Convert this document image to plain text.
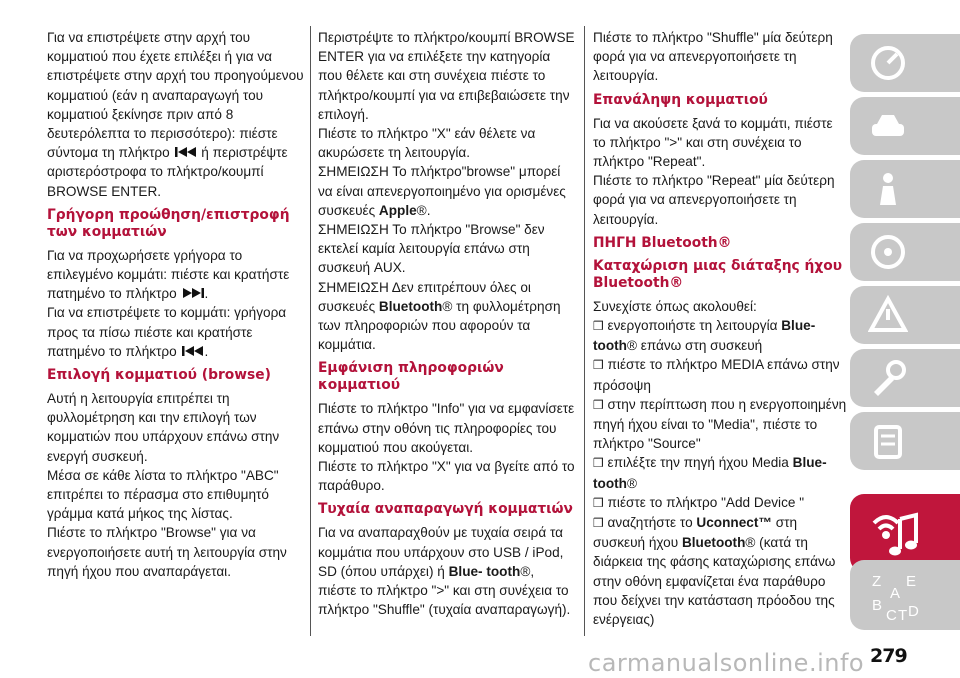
Για να επιστρέψετε στην αρχή του κομματιού που έχετε επιλέξει ή για να επιστρέψετε στην αρχή του προηγούμενου κομματιού (εάν η αναπαραγωγή του κομματιού ξεκίνησε πριν από 8 δευτερόλεπτα το περισσότερο): πιέστε σύντομα τη πλήκτρο ή περιστρέψτε αριστερόστροφα το πλήκτρο/κουμπί BROWSE ENTER.

Γρήγορη προώθηση/επιστροφή των κομματιών

Για να προχωρήσετε γρήγορα το επιλεγμένο κομμάτι: πιέστε και κρατήστε πατημένο το πλήκτρο .

Για να επιστρέψετε το κομμάτι: γρήγορα προς τα πίσω πιέστε και κρατήστε πατημένο το πλήκτρο .

Επιλογή κομματιού (browse)

Αυτή η λειτουργία επιτρέπει τη φυλλομέτρηση και την επιλογή των κομματιών που υπάρχουν επάνω στην ενεργή συσκευή.

Μέσα σε κάθε λίστα το πλήκτρο "ABC" επιτρέπει το πέρασμα στο επιθυμητό γράμμα κατά μήκος της λίστας.

Πιέστε το πλήκτρο "Browse" για να ενεργοποιήσετε αυτή τη λειτουργία στην πηγή ήχου που αναπαράγεται.

Περιστρέψτε το πλήκτρο/κουμπί BROWSE ENTER για να επιλέξετε την κατηγορία που θέλετε και στη συνέχεια πιέστε το πλήκτρο/κουμπί για να επιβεβαιώσετε την επιλογή.

Πιέστε το πλήκτρο "X" εάν θέλετε να ακυρώσετε τη λειτουργία.

ΣΗΜΕΙΩΣΗ Το πλήκτρο"browse" μπορεί να είναι απενεργοποιημένο για ορισμένες συσκευές Apple®.

ΣΗΜΕΙΩΣΗ Το πλήκτρο "Browse" δεν εκτελεί καμία λειτουργία επάνω στη συσκευή AUX.

ΣΗΜΕΙΩΣΗ Δεν επιτρέπουν όλες οι συσκευές Bluetooth® τη φυλλομέτρηση των πληροφοριών που αφορούν τα κομμάτια.

Εμφάνιση πληροφοριών κομματιού

Πιέστε το πλήκτρο "Info" για να εμφανίσετε επάνω στην οθόνη τις πληροφορίες του κομματιού που ακούγεται.

Πιέστε το πλήκτρο "X" για να βγείτε από το παράθυρο.

Τυχαία αναπαραγωγή κομματιών

Για να αναπαραχθούν με τυχαία σειρά τα κομμάτια που υπάρχουν στο USB / iPod, SD (όπου υπάρχει) ή Blue- tooth®, πιέστε το πλήκτρο ">" και στη συνέχεια το πλήκτρο "Shuffle" (τυχαία αναπαραγωγή).

Πιέστε το πλήκτρο "Shuffle" μία δεύτερη φορά για να απενεργοποιήσετε τη λειτουργία.

Επανάληψη κομματιού

Για να ακούσετε ξανά το κομμάτι, πιέστε το πλήκτρο ">" και στη συνέχεια το πλήκτρο "Repeat".

Πιέστε το πλήκτρο "Repeat" μία δεύτερη φορά για να απενεργοποιήσετε τη λειτουργία.

ΠΗΓΗ Bluetooth®
Καταχώριση μιας διάταξης ήχου Bluetooth®

Συνεχίστε όπως ακολουθεί:

❒ ενεργοποιήστε τη λειτουργία Blue- tooth® επάνω στη συσκευή

❒ πιέστε το πλήκτρο MEDIA επάνω στην πρόσοψη

❒ στην περίπτωση που η ενεργοποιημένη πηγή ήχου είναι το "Media", πιέστε το πλήκτρο "Source"

❒ επιλέξτε την πηγή ήχου Media Blue- tooth®

❒ πιέστε το πλήκτρο "Add Device "

❒ αναζητήστε το Uconnect™ στη

συσκευή ήχου Bluetooth® (κατά τη διάρκεια της φάσης καταχώρισης επάνω στην οθόνη εμφανίζεται ένα παράθυρο που δείχνει την κατάσταση πρόοδου της ενέργειας)

Z E
A
B D
C T
carmanualsonline.info 279
